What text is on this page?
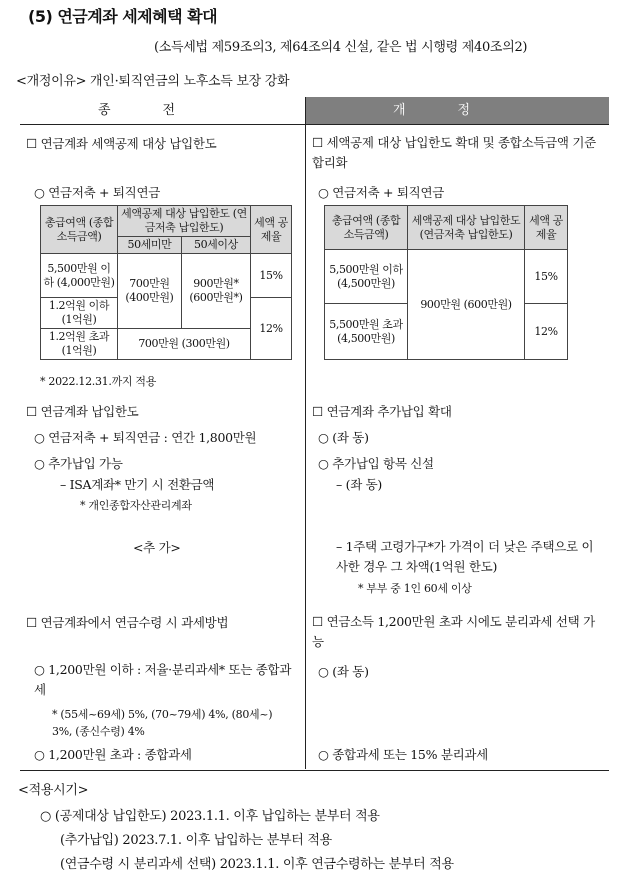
(5) 연금계좌 세제혜택 확대
(소득세법 제59조의3, 제64조의4 신설, 같은 법 시행령 제40조의2)
<개정이유> 개인·퇴직연금의 노후소득 보장 강화
종전	개정
☐ 연금계좌 세액공제 대상 납입한도
○ 연금저축 + 퇴직연금
총급여액 (종합소득금액)	세액공제 대상 납입한도 (연금저축 납입한도)		세액 공제율
	50세미만	50세이상	
5,500만원 이하 (4,000만원)	700만원 (400만원)	900만원* (600만원*)	15%
1.2억원 이하 (1억원)			12%
1.2억원 초과 (1억원)	700만원 (300만원)		
* 2022.12.31.까지 적용
☐ 연금계좌 납입한도
○ 연금저축 + 퇴직연금 : 연간 1,800만원
○ 추가납입 가능
– ISA계좌* 만기 시 전환금액
* 개인종합자산관리계좌
<추 가>
☐ 연금계좌에서 연금수령 시 과세방법
○ 1,200만원 이하 : 저율·분리과세* 또는 종합과세
* (55세~69세) 5%, (70~79세) 4%, (80세~) 3%, (종신수령) 4%
○ 1,200만원 초과 : 종합과세
☐ 세액공제 대상 납입한도 확대 및 종합소득금액 기준 합리화
○ 연금저축 + 퇴직연금
총급여액 (종합소득금액)	세액공제 대상 납입한도 (연금저축 납입한도)	세액 공제율
5,500만원 이하 (4,500만원)	900만원 (600만원)	15%
5,500만원 초과 (4,500만원)		12%
☐ 연금계좌 추가납입 확대
○ (좌 동)
○ 추가납입 항목 신설
– (좌 동)
– 1주택 고령가구*가 가격이 더 낮은 주택으로 이사한 경우 그 차액(1억원 한도)
* 부부 중 1인 60세 이상
☐ 연금소득 1,200만원 초과 시에도 분리과세 선택 가능
○ (좌 동)
○ 종합과세 또는 15% 분리과세
<적용시기>
○ (공제대상 납입한도) 2023.1.1. 이후 납입하는 분부터 적용
(추가납입) 2023.7.1. 이후 납입하는 분부터 적용
(연금수령 시 분리과세 선택) 2023.1.1. 이후 연금수령하는 분부터 적용
